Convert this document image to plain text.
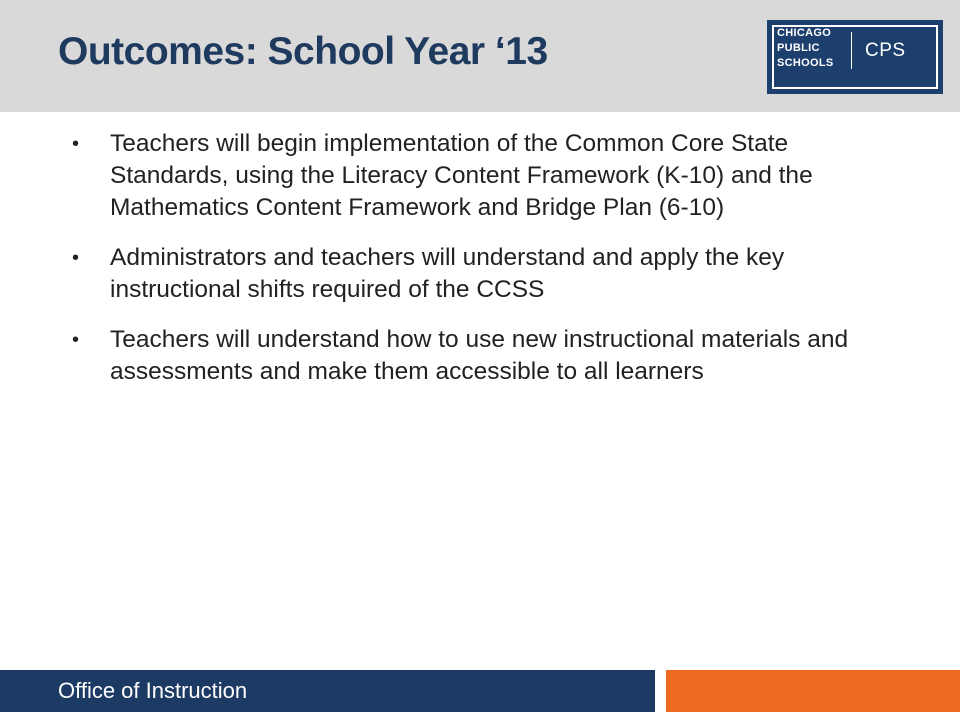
Outcomes: School Year ‘13	CHICAGO
PUBLIC
SCHOOLS
CPS
• Teachers will begin implementation of the Common Core State Standards, using the Literacy Content Framework (K-10) and the Mathematics Content Framework and Bridge Plan (6-10)
• Administrators and teachers will understand and apply the key instructional shifts required of the CCSS
• Teachers will understand how to use new instructional materials and assessments and make them accessible to all learners
Office of Instruction
